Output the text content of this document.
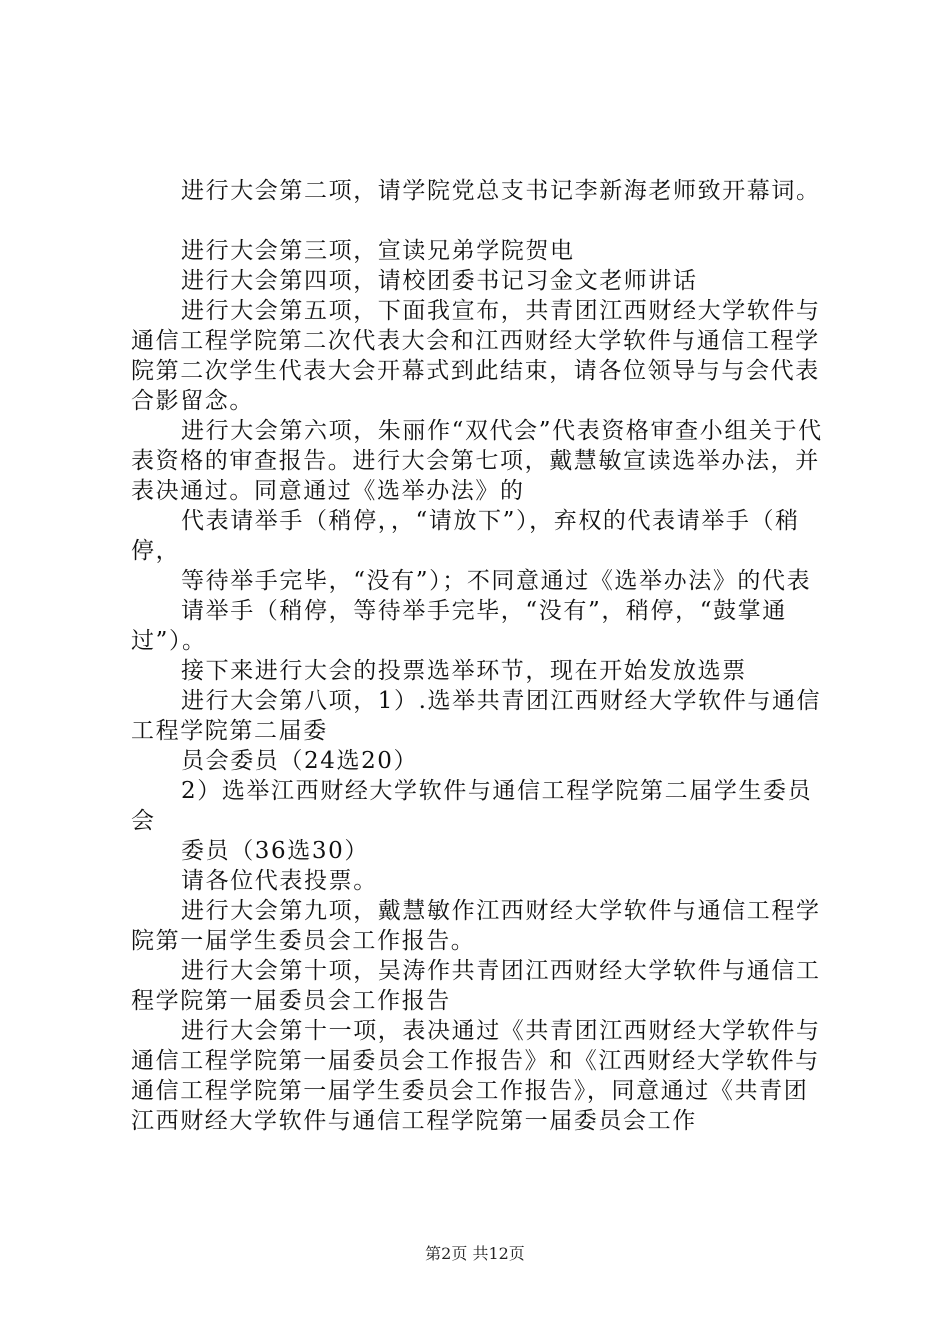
进行大会第二项，请学院党总支书记李新海老师致开幕词。

进行大会第三项，宣读兄弟学院贺电

进行大会第四项，请校团委书记习金文老师讲话

进行大会第五项，下面我宣布，共青团江西财经大学软件与通信工程学院第二次代表大会和江西财经大学软件与通信工程学院第二次学生代表大会开幕式到此结束，请各位领导与与会代表合影留念。

进行大会第六项，朱丽作“双代会”代表资格审查小组关于代表资格的审查报告。进行大会第七项，戴慧敏宣读选举办法，并表决通过。同意通过《选举办法》的

代表请举手（稍停，，“请放下”），弃权的代表请举手（稍停，

等待举手完毕，“没有”）；不同意通过《选举办法》的代表

请举手（稍停，等待举手完毕，“没有”，稍停，“鼓掌通过”）。

接下来进行大会的投票选举环节，现在开始发放选票

进行大会第八项，1）.选举共青团江西财经大学软件与通信工程学院第二届委

员会委员（24选20）

2）选举江西财经大学软件与通信工程学院第二届学生委员会

委员（36选30）

请各位代表投票。

进行大会第九项，戴慧敏作江西财经大学软件与通信工程学院第一届学生委员会工作报告。

进行大会第十项，吴涛作共青团江西财经大学软件与通信工程学院第一届委员会工作报告

进行大会第十一项，表决通过《共青团江西财经大学软件与通信工程学院第一届委员会工作报告》和《江西财经大学软件与通信工程学院第一届学生委员会工作报告》，同意通过《共青团江西财经大学软件与通信工程学院第一届委员会工作

第2页 共12页
